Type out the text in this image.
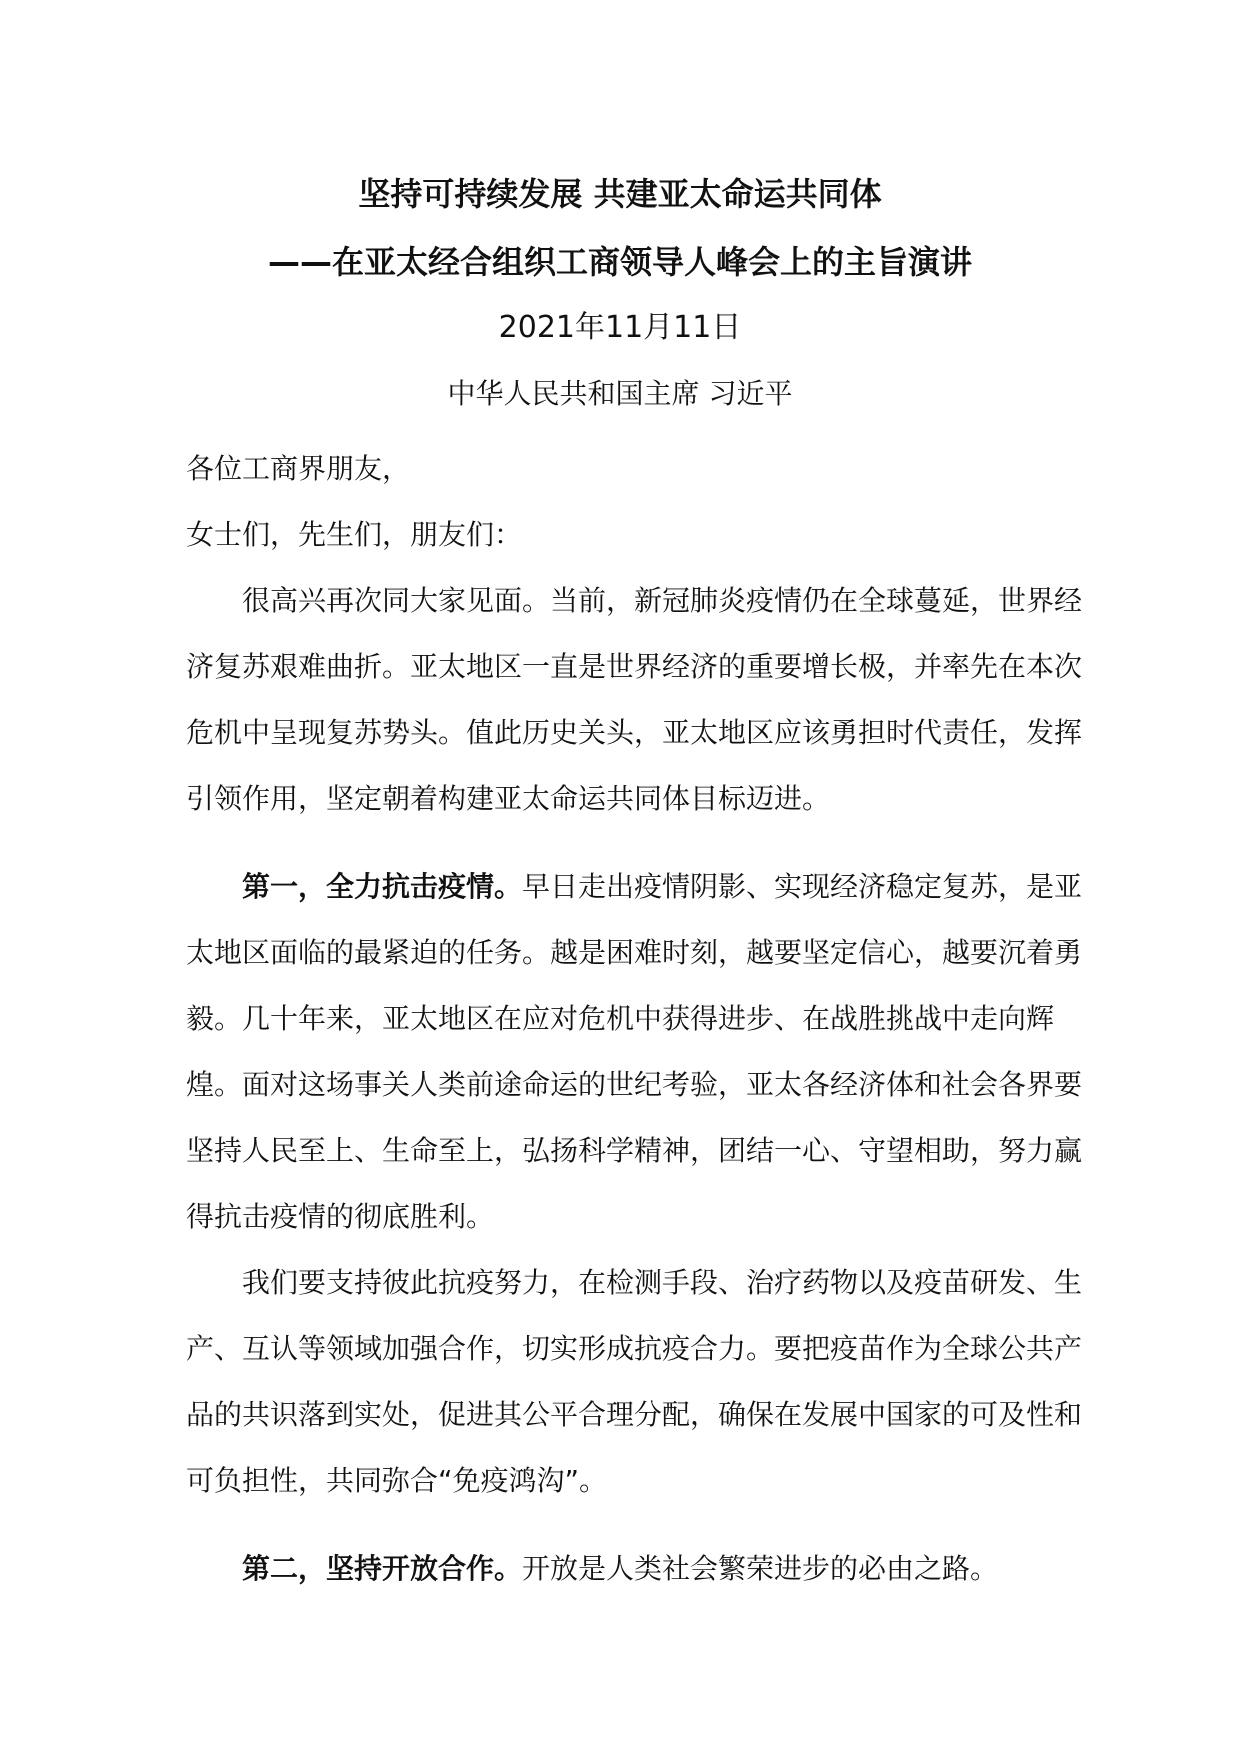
坚持可持续发展 共建亚太命运共同体
——在亚太经合组织工商领导人峰会上的主旨演讲
2021年11月11日
中华人民共和国主席 习近平

各位工商界朋友，

女士们，先生们，朋友们：

很高兴再次同大家见面。当前，新冠肺炎疫情仍在全球蔓延，世界经济复苏艰难曲折。亚太地区一直是世界经济的重要增长极，并率先在本次危机中呈现复苏势头。值此历史关头，亚太地区应该勇担时代责任，发挥引领作用，坚定朝着构建亚太命运共同体目标迈进。

第一，全力抗击疫情。早日走出疫情阴影、实现经济稳定复苏，是亚太地区面临的最紧迫的任务。越是困难时刻，越要坚定信心，越要沉着勇毅。几十年来，亚太地区在应对危机中获得进步、在战胜挑战中走向辉煌。面对这场事关人类前途命运的世纪考验，亚太各经济体和社会各界要坚持人民至上、生命至上，弘扬科学精神，团结一心、守望相助，努力赢得抗击疫情的彻底胜利。

我们要支持彼此抗疫努力，在检测手段、治疗药物以及疫苗研发、生产、互认等领域加强合作，切实形成抗疫合力。要把疫苗作为全球公共产品的共识落到实处，促进其公平合理分配，确保在发展中国家的可及性和可负担性，共同弥合“免疫鸿沟”。

第二，坚持开放合作。开放是人类社会繁荣进步的必由之路。
